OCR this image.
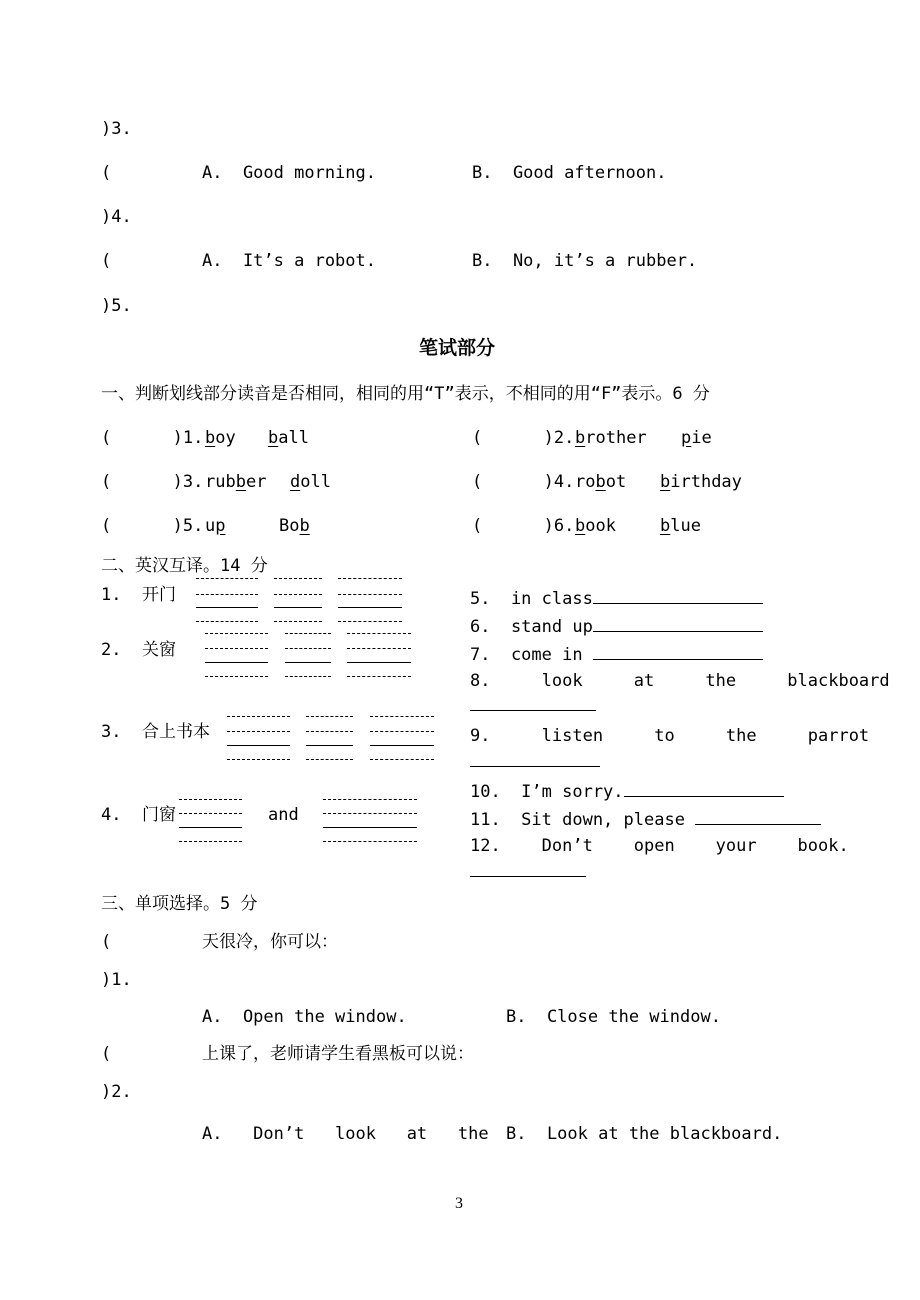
)3.
(	A.  Good morning.	B.  Good afternoon.
)4.
(	A.  It’s a robot.	B.  No, it’s a rubber.
)5.
笔试部分
一、判断划线部分读音是否相同，相同的用“T”表示，不相同的用“F”表示。6 分
(      )1. boy ball	(      )2. brother pie
(      )3. rubber doll	(      )4. robot birthday
(      )5. up	Bob	(      )6. book	blue
二、英汉互译。14 分
1.  开门
2.  关窗
3.  合上书本
4.  门窗	and
5.  in class
6.  stand up
7.  come in
8.     look     at     the     blackboard
9.     listen     to     the     parrot
10.  I’m sorry.
11.  Sit down, please
12.    Don’t    open    your    book.
三、单项选择。5 分
(	天很冷，你可以：
)1.
A.  Open the window.	B.  Close the window.
(	上课了，老师请学生看黑板可以说：
)2.
A.   Don’t   look   at   the B.  Look at the blackboard.
3
